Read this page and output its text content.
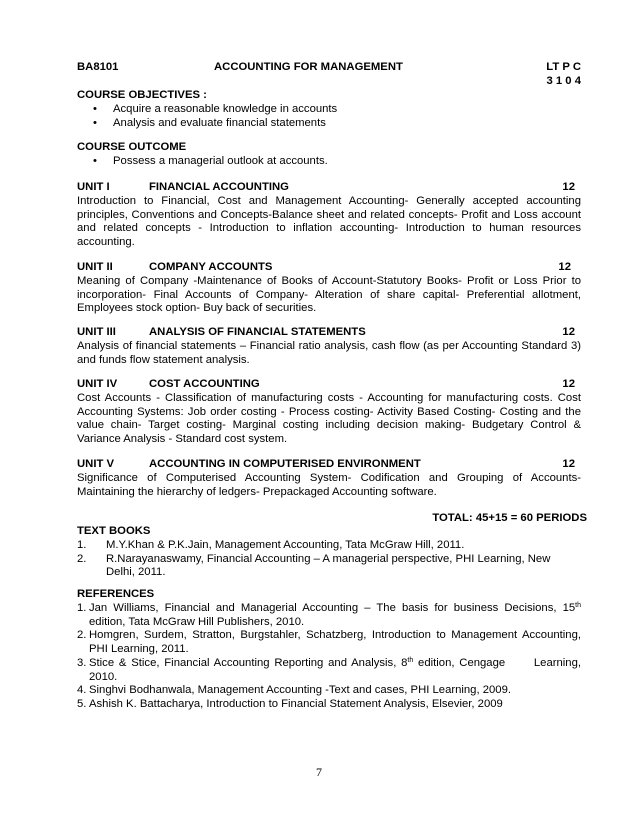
BA8101	ACCOUNTING FOR MANAGEMENT	LT P C
3 1 0 4
COURSE OBJECTIVES :
• Acquire a reasonable knowledge in accounts
• Analysis and evaluate financial statements
COURSE OUTCOME
• Possess a managerial outlook at accounts.
UNIT I	FINANCIAL ACCOUNTING	12
Introduction to Financial, Cost and Management Accounting- Generally accepted accounting principles, Conventions and Concepts-Balance sheet and related concepts- Profit and Loss account and related concepts - Introduction to inflation accounting- Introduction to human resources accounting.
UNIT II	COMPANY ACCOUNTS	12
Meaning of Company -Maintenance of Books of Account-Statutory Books- Profit or Loss Prior to incorporation- Final Accounts of Company- Alteration of share capital- Preferential allotment, Employees stock option- Buy back of securities.
UNIT III	ANALYSIS OF FINANCIAL STATEMENTS	12
Analysis of financial statements – Financial ratio analysis, cash flow (as per Accounting Standard 3) and funds flow statement analysis.
UNIT IV	COST ACCOUNTING	12
Cost Accounts - Classification of manufacturing costs - Accounting for manufacturing costs. Cost Accounting Systems: Job order costing - Process costing- Activity Based Costing- Costing and the value chain- Target costing- Marginal costing including decision making- Budgetary Control & Variance Analysis - Standard cost system.
UNIT V	ACCOUNTING IN COMPUTERISED ENVIRONMENT	12
Significance of Computerised Accounting System- Codification and Grouping of Accounts-Maintaining the hierarchy of ledgers- Prepackaged Accounting software.
TOTAL: 45+15 = 60 PERIODS
TEXT BOOKS
1. M.Y.Khan & P.K.Jain, Management Accounting, Tata McGraw Hill, 2011.
2. R.Narayanaswamy, Financial Accounting – A managerial perspective, PHI Learning, New Delhi, 2011.
REFERENCES
1. Jan Williams, Financial and Managerial Accounting – The basis for business Decisions, 15th edition, Tata McGraw Hill Publishers, 2010.
2. Homgren, Surdem, Stratton, Burgstahler, Schatzberg, Introduction to Management Accounting, PHI Learning, 2011.
3. Stice & Stice, Financial Accounting Reporting and Analysis, 8th edition, Cengage      Learning, 2010.
4. Singhvi Bodhanwala, Management Accounting -Text and cases, PHI Learning, 2009.
5. Ashish K. Battacharya, Introduction to Financial Statement Analysis, Elsevier, 2009
7
